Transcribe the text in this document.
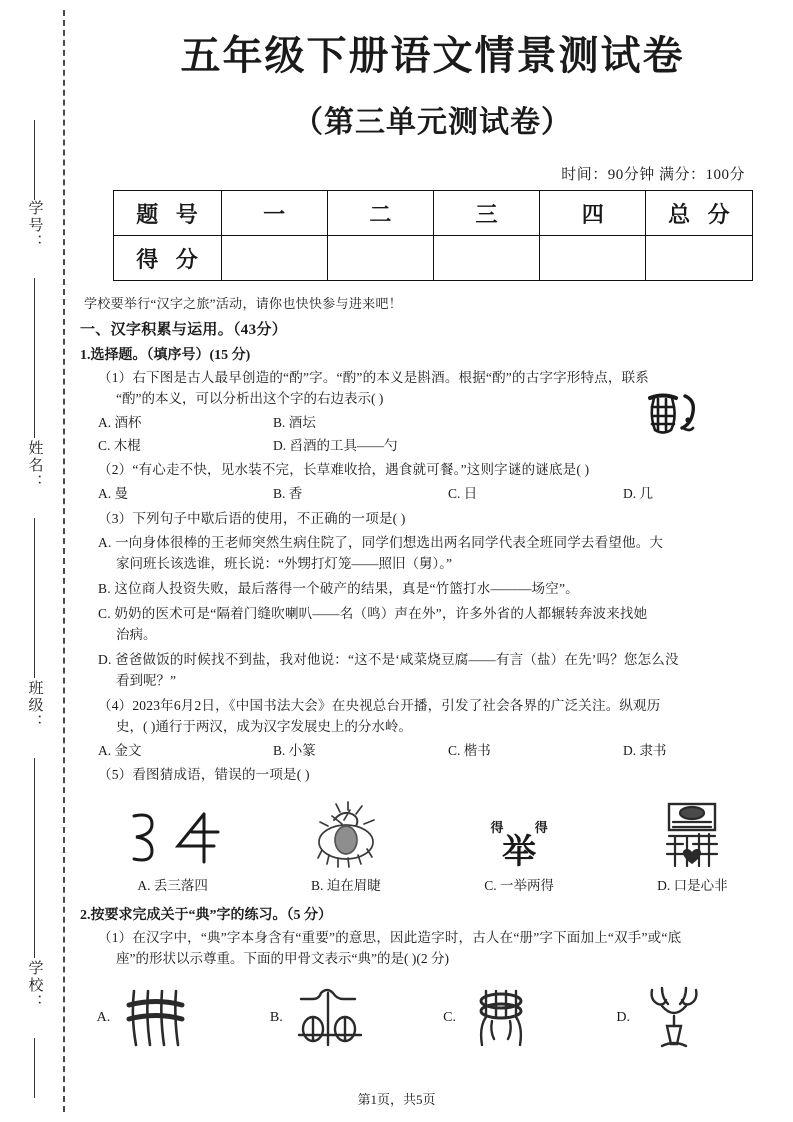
学号：
姓名：
班级：
学校：
五年级下册语文情景测试卷
（第三单元测试卷）
时间：90分钟 满分：100分
题 号	一	二	三	四	总 分
得 分					
学校要举行“汉字之旅”活动，请你也快快参与进来吧！
一、汉字积累与运用。（43分）
1.选择题。（填序号）(15 分)
（1）右下图是古人最早创造的“酌”字。“酌”的本义是斟酒。根据“酌”的古字字形特点，联系
“酌”的本义，可以分析出这个字的右边表示( )
A. 酒杯	B. 酒坛
C. 木棍	D. 舀酒的工具——勺
（2）“有心走不快，见水装不完，长草难收拾，遇食就可餐。”这则字谜的谜底是( )
A. 曼	B. 香	C. 日	D. 几
（3）下列句子中歇后语的使用，不正确的一项是( )
A. 一向身体很棒的王老师突然生病住院了，同学们想选出两名同学代表全班同学去看望他。大
家问班长该选谁，班长说：“外甥打灯笼——照旧（舅）。”
B. 这位商人投资失败，最后落得一个破产的结果，真是“竹篮打水———场空”。
C. 奶奶的医术可是“隔着门缝吹喇叭——名（鸣）声在外”，许多外省的人都辗转奔波来找她
治病。
D. 爸爸做饭的时候找不到盐，我对他说：“这不是‘咸菜烧豆腐——有言（盐）在先’吗？您怎么没
看到呢？”
（4）2023年6月2日，《中国书法大会》在央视总台开播，引发了社会各界的广泛关注。纵观历
史，( )通行于两汉，成为汉字发展史上的分水岭。
A. 金文	B. 小篆	C. 楷书	D. 隶书
（5）看图猜成语，错误的一项是( )
得 得
举
A. 丢三落四	B. 迫在眉睫	C. 一举两得	D. 口是心非
2.按要求完成关于“典”字的练习。（5 分）
（1）在汉字中，“典”字本身含有“重要”的意思，因此造字时，古人在“册”字下面加上“双手”或“底
座”的形状以示尊重。下面的甲骨文表示“典”的是( )(2 分)
A.	B.	C.	D.
第1页，共5页
